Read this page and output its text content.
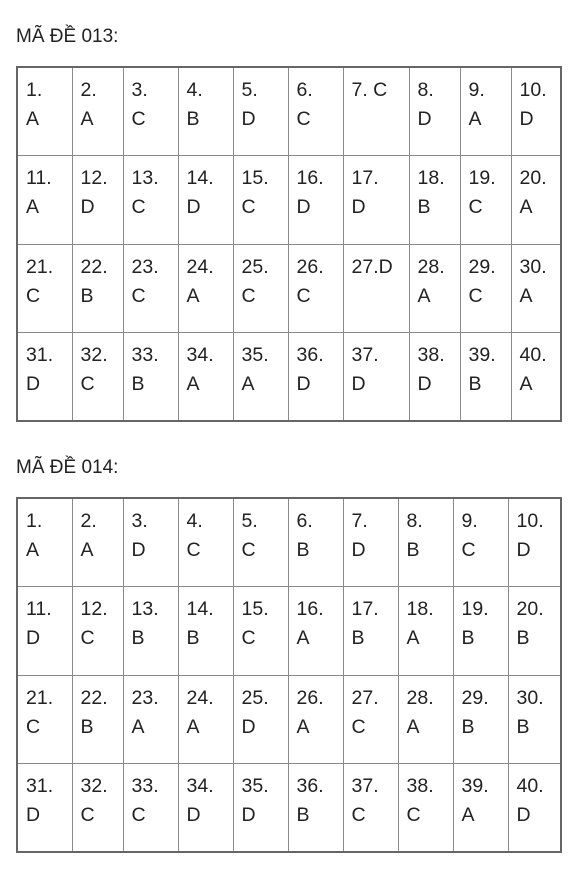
MÃ ĐỀ 013:
1.
A	2.
A	3.
C	4.
B	5.
D	6.
C	7. C	8.
D	9.
A	10.
D

11.
A	12.
D	13.
C	14.
D	15.
C	16.
D	17.
D	18.
B	19.
C	20.
A

21.
C	22.
B	23.
C	24.
A	25.
C	26.
C	27.D	28.
A	29.
C	30.
A

31.
D	32.
C	33.
B	34.
A	35.
A	36.
D	37.
D	38.
D	39.
B	40.
A
MÃ ĐỀ 014:
1.
A	2.
A	3.
D	4.
C	5.
C	6.
B	7.
D	8.
B	9.
C	10.
D

11.
D	12.
C	13.
B	14.
B	15.
C	16.
A	17.
B	18.
A	19.
B	20.
B

21.
C	22.
B	23.
A	24.
A	25.
D	26.
A	27.
C	28.
A	29.
B	30.
B

31.
D	32.
C	33.
C	34.
D	35.
D	36.
B	37.
C	38.
C	39.
A	40.
D
